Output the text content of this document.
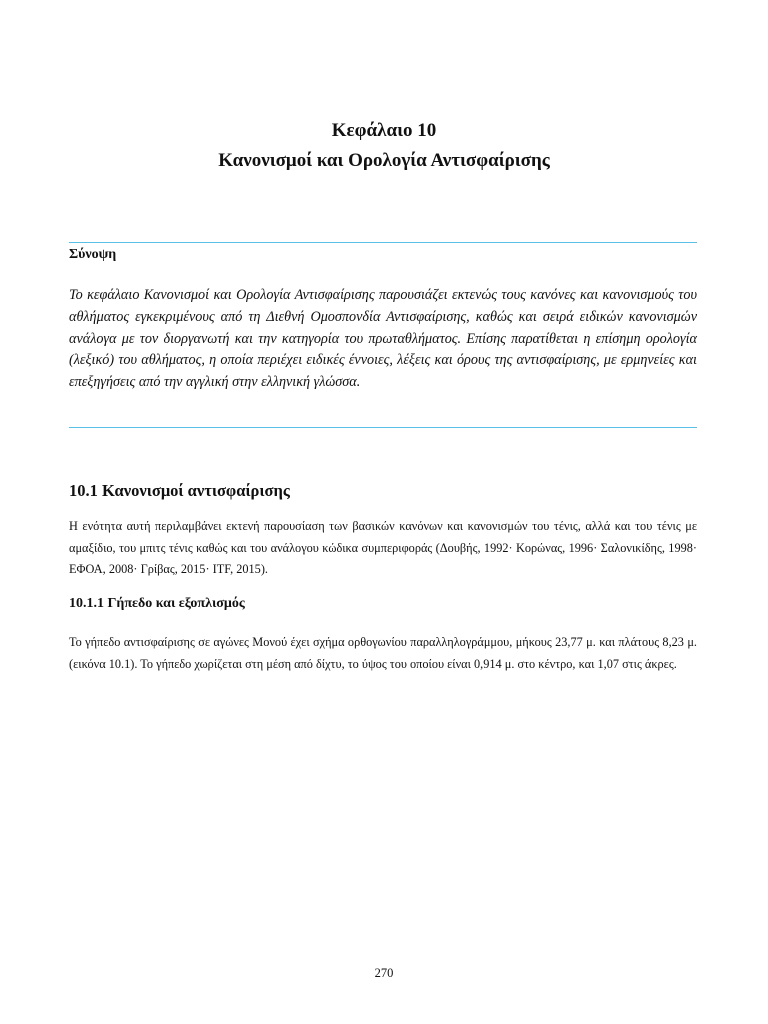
Κεφάλαιο 10
Κανονισμοί και Ορολογία Αντισφαίρισης
Σύνοψη
Το κεφάλαιο Κανονισμοί και Ορολογία Αντισφαίρισης παρουσιάζει εκτενώς τους κανόνες και κανονισμούς του αθλήματος εγκεκριμένους από τη Διεθνή Ομοσπονδία Αντισφαίρισης, καθώς και σειρά ειδικών κανονισμών ανάλογα με τον διοργανωτή και την κατηγορία του πρωταθλήματος. Επίσης παρατίθεται η επίσημη ορολογία (λεξικό) του αθλήματος, η οποία περιέχει ειδικές έννοιες, λέξεις και όρους της αντισφαίρισης, με ερμηνείες και επεξηγήσεις από την αγγλική στην ελληνική γλώσσα.
10.1 Κανονισμοί αντισφαίρισης
Η ενότητα αυτή περιλαμβάνει εκτενή παρουσίαση των βασικών κανόνων και κανονισμών του τένις, αλλά και του τένις με αμαξίδιο, του μπιτς τένις καθώς και του ανάλογου κώδικα συμπεριφοράς (Δουβής, 1992· Κορώνας, 1996· Σαλονικίδης, 1998· ΕΦΟΑ, 2008· Γρίβας, 2015· ITF, 2015).
10.1.1 Γήπεδο και εξοπλισμός
Το γήπεδο αντισφαίρισης σε αγώνες Μονού έχει σχήμα ορθογωνίου παραλληλογράμμου, μήκους 23,77 μ. και πλάτους 8,23 μ. (εικόνα 10.1). Το γήπεδο χωρίζεται στη μέση από δίχτυ, το ύψος του οποίου είναι 0,914 μ. στο κέντρο, και 1,07 στις άκρες.
270
